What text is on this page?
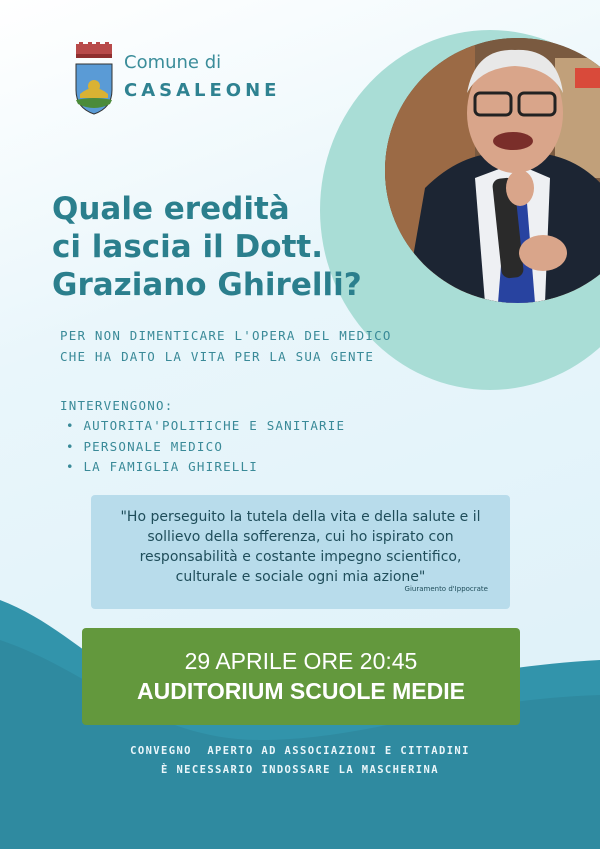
Comune di
CASALEONE
Quale eredità
ci lascia il Dott.
Graziano Ghirelli?
PER NON DIMENTICARE L'OPERA DEL MEDICO
CHE HA DATO LA VITA PER LA SUA GENTE
INTERVENGONO:
• AUTORITA'POLITICHE E SANITARIE
• PERSONALE MEDICO
• LA FAMIGLIA GHIRELLI
"Ho perseguito la tutela della vita e della salute e il
sollievo della sofferenza, cui ho ispirato con
responsabilità e costante impegno scientifico,
culturale e sociale ogni mia azione"
Giuramento d'Ippocrate
29 APRILE ORE 20:45
AUDITORIUM SCUOLE MEDIE
CONVEGNO  APERTO AD ASSOCIAZIONI E CITTADINI
È NECESSARIO INDOSSARE LA MASCHERINA
